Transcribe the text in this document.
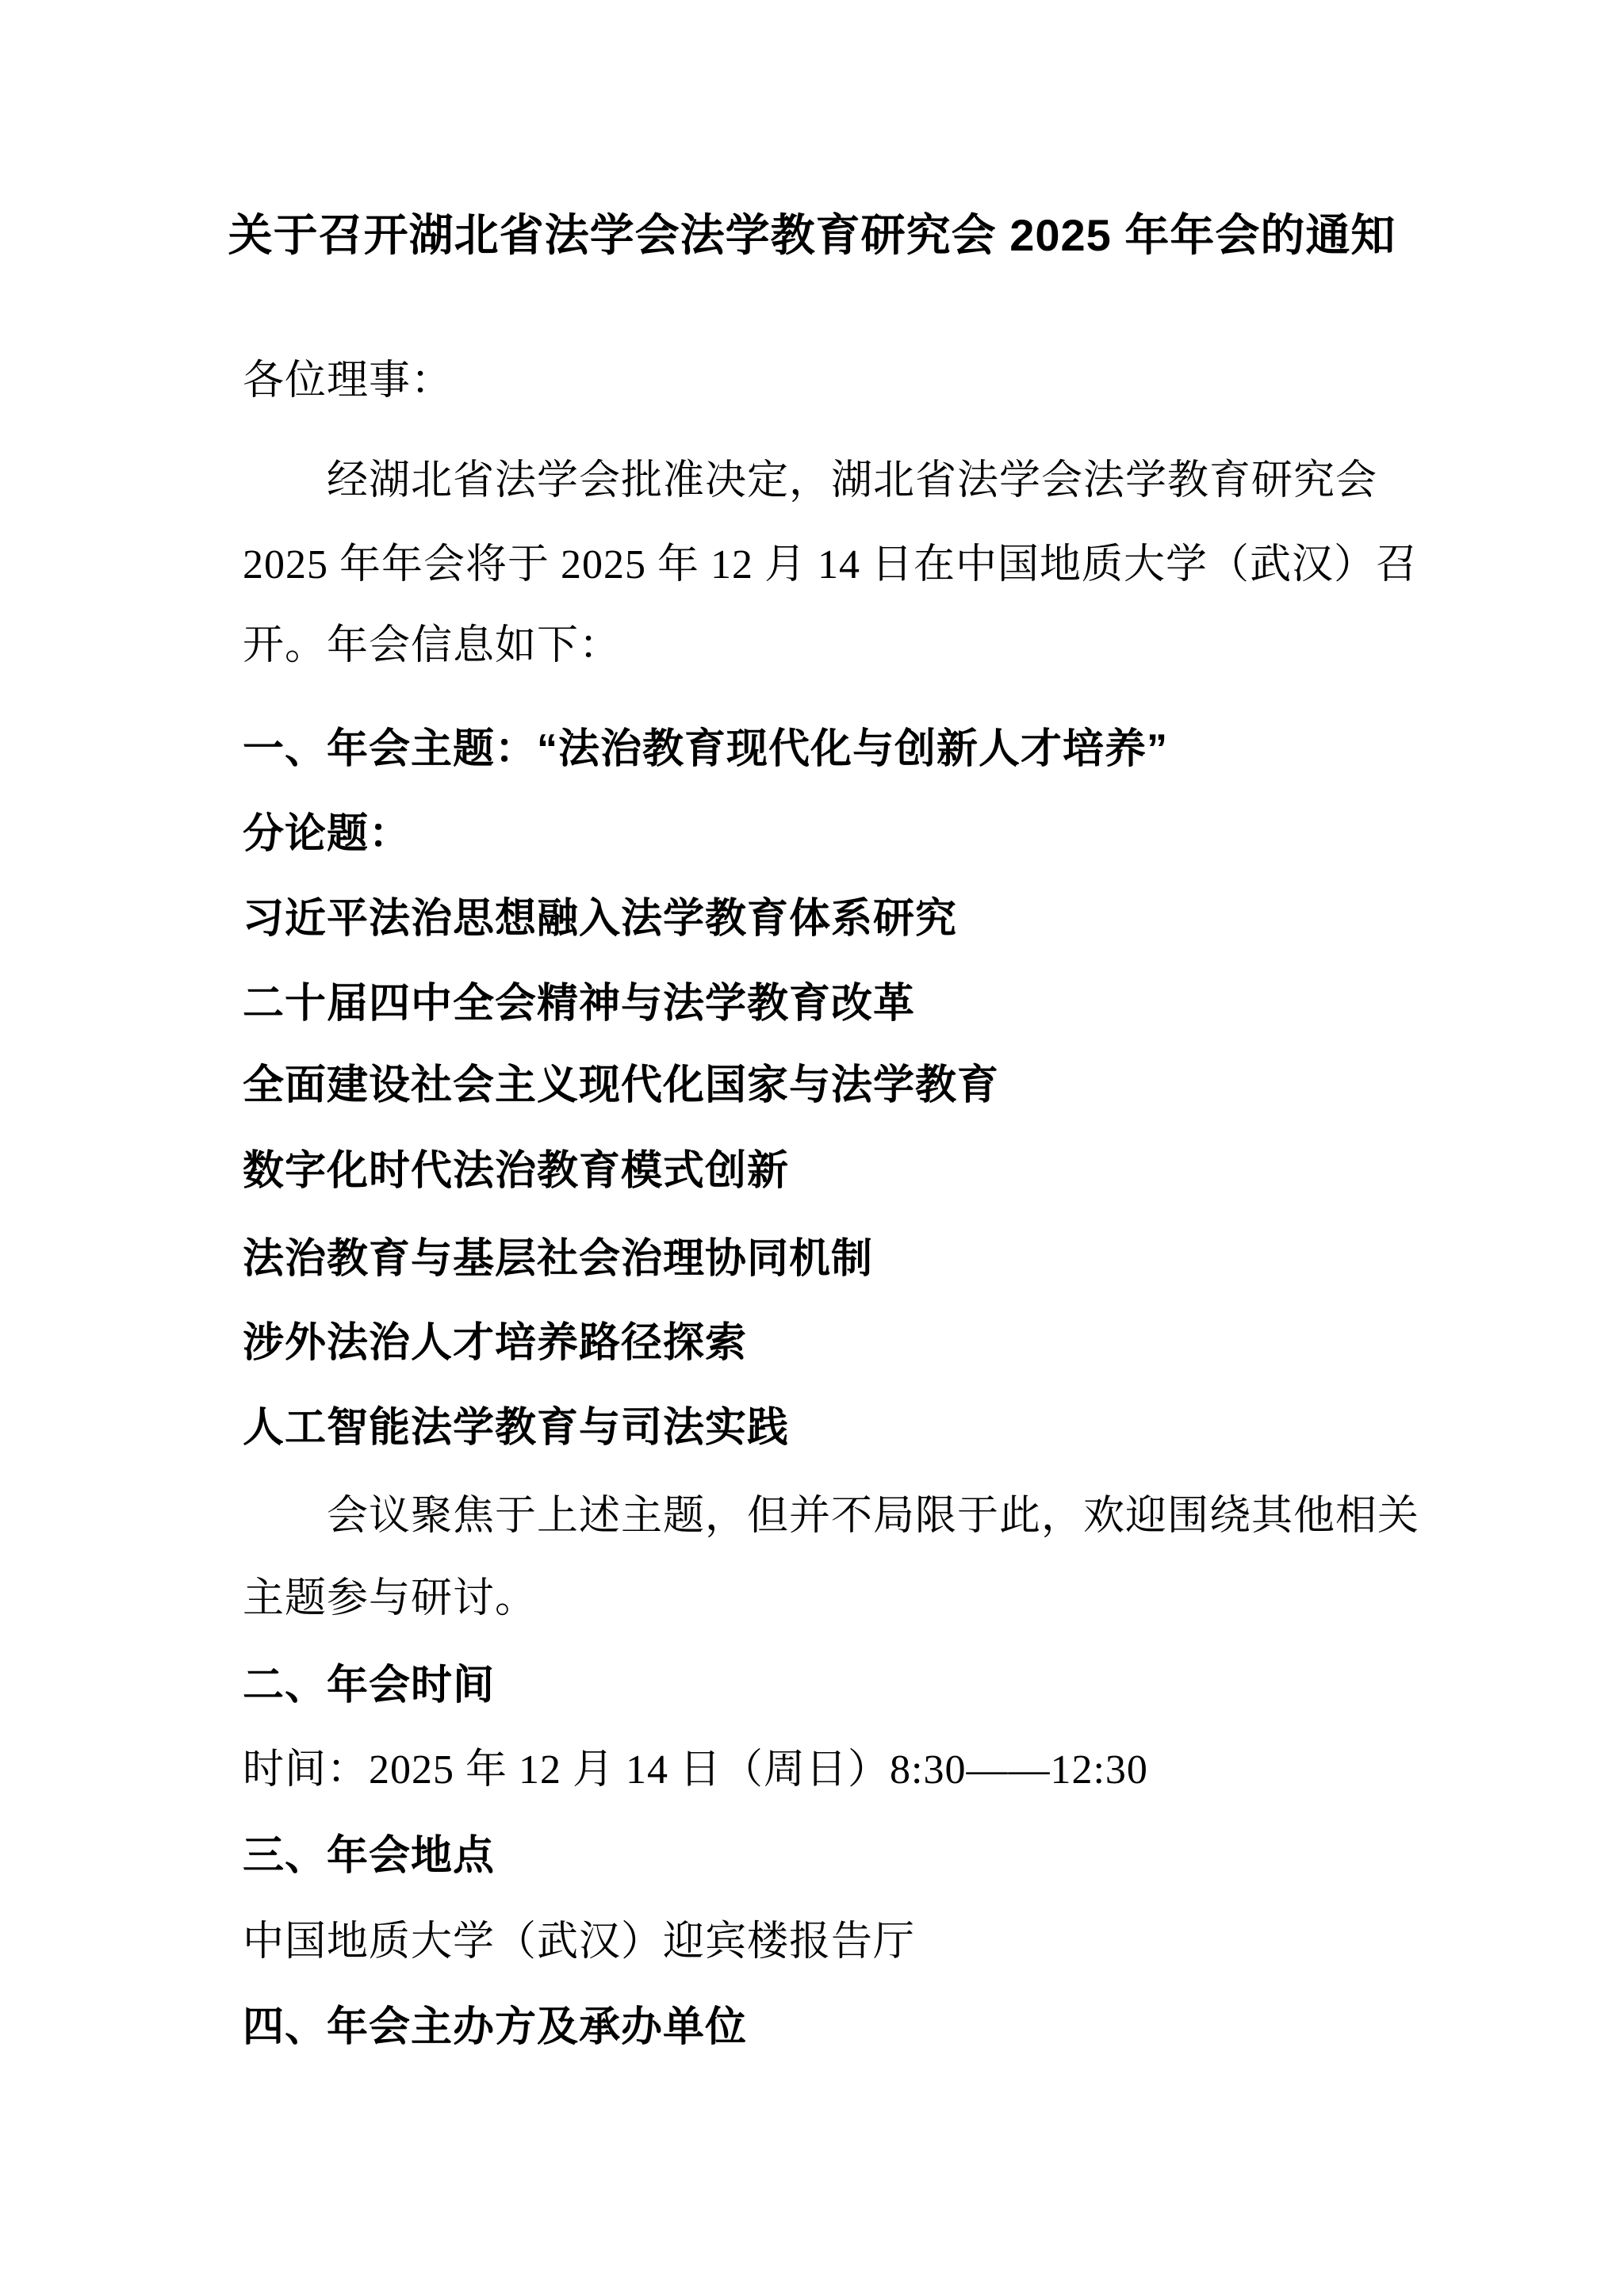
关于召开湖北省法学会法学教育研究会 2025 年年会的通知
各位理事：
经湖北省法学会批准决定，湖北省法学会法学教育研究会
2025 年年会将于 2025 年 12 月 14 日在中国地质大学（武汉）召
开。年会信息如下：
一、年会主题：“法治教育现代化与创新人才培养”
分论题：
习近平法治思想融入法学教育体系研究
二十届四中全会精神与法学教育改革
全面建设社会主义现代化国家与法学教育
数字化时代法治教育模式创新
法治教育与基层社会治理协同机制
涉外法治人才培养路径探索
人工智能法学教育与司法实践
会议聚焦于上述主题，但并不局限于此，欢迎围绕其他相关
主题参与研讨。
二、年会时间
时间：2025 年 12 月 14 日（周日）8:30——12:30
三、年会地点
中国地质大学（武汉）迎宾楼报告厅
四、年会主办方及承办单位
